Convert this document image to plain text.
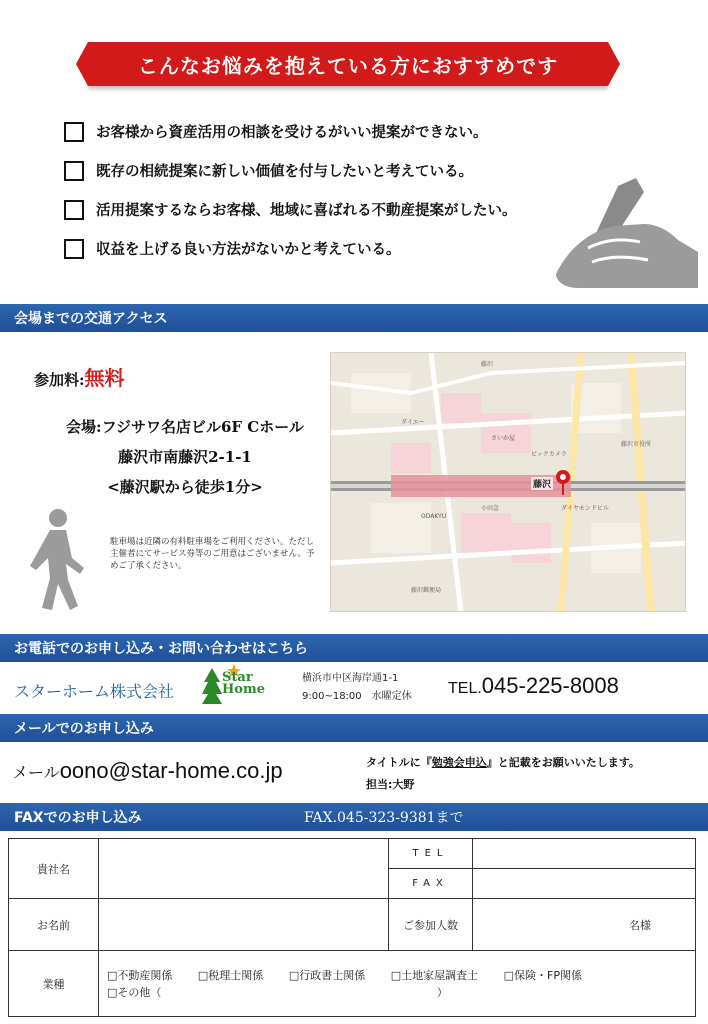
こんなお悩みを抱えている方におすすめです
お客様から資産活用の相談を受けるがいい提案ができない。
既存の相続提案に新しい価値を付与したいと考えている。
活用提案するならお客様、地域に喜ばれる不動産提案がしたい。
収益を上げる良い方法がないかと考えている。
会場までの交通アクセス
参加料: 無料
会場:フジサワ名店ビル6F Cホール
藤沢市南藤沢2-1-1
<藤沢駅から徒歩1分>
駐車場は近隣の有料駐車場をご利用ください。ただし主催者にてサービス券等のご用意はございません。予めご了承ください。
藤沢
藤沢
ダイエー
さいか屋
ビックカメラ
藤沢市役所
小田急	ダイヤモンドビル
ODAKYU
藤沢郵便局
お電話でのお申し込み・お問い合わせはこちら
スターホーム株式会社
Star
Home
横浜市中区海岸通1-1
9:00~18:00　水曜定休 TEL.045-225-8008
メールでのお申し込み
メールoono@star-home.co.jp	タイトルに『勉強会申込』と記載をお願いいたします。
担当:大野
FAXでのお申し込み	FAX.045-323-9381まで
貴社名		TEL	
		FAX	
お名前		ご参加人数	名様
業種	□不動産関係 □税理士関係 □行政書士関係 □土地家屋調査士 □保険・FP関係
□その他（ ）		
